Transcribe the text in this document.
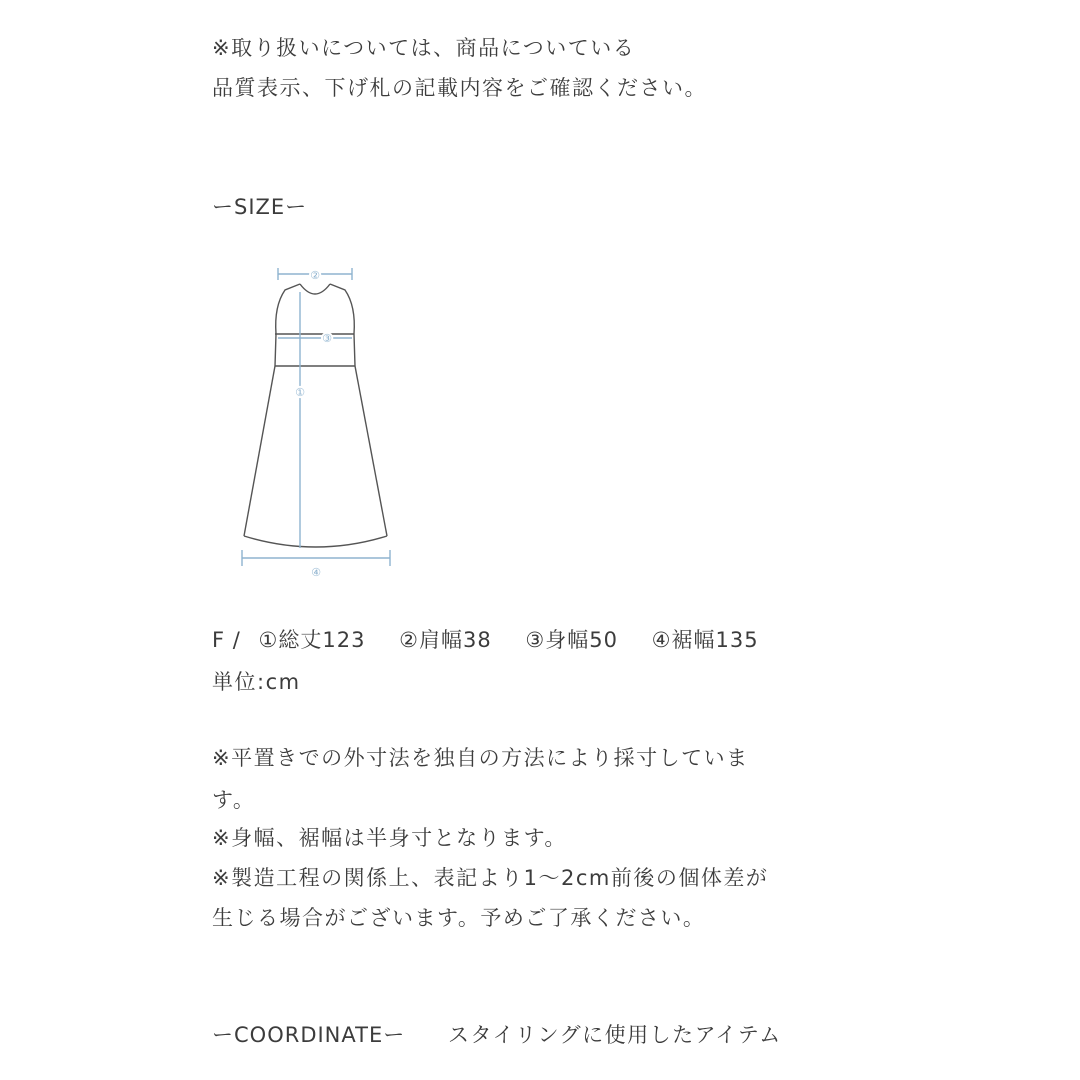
※取り扱いについては、商品についている
品質表示、下げ札の記載内容をご確認ください。
ーSIZEー
②
③
①
④
F / ①総丈123 ②肩幅38 ③身幅50 ④裾幅135
単位:cm
※平置きでの外寸法を独自の方法により採寸していま
す。
※身幅、裾幅は半身寸となります。
※製造工程の関係上、表記より1〜2cm前後の個体差が
生じる場合がございます。予めご了承ください。
ーCOORDINATEー スタイリングに使用したアイテム
